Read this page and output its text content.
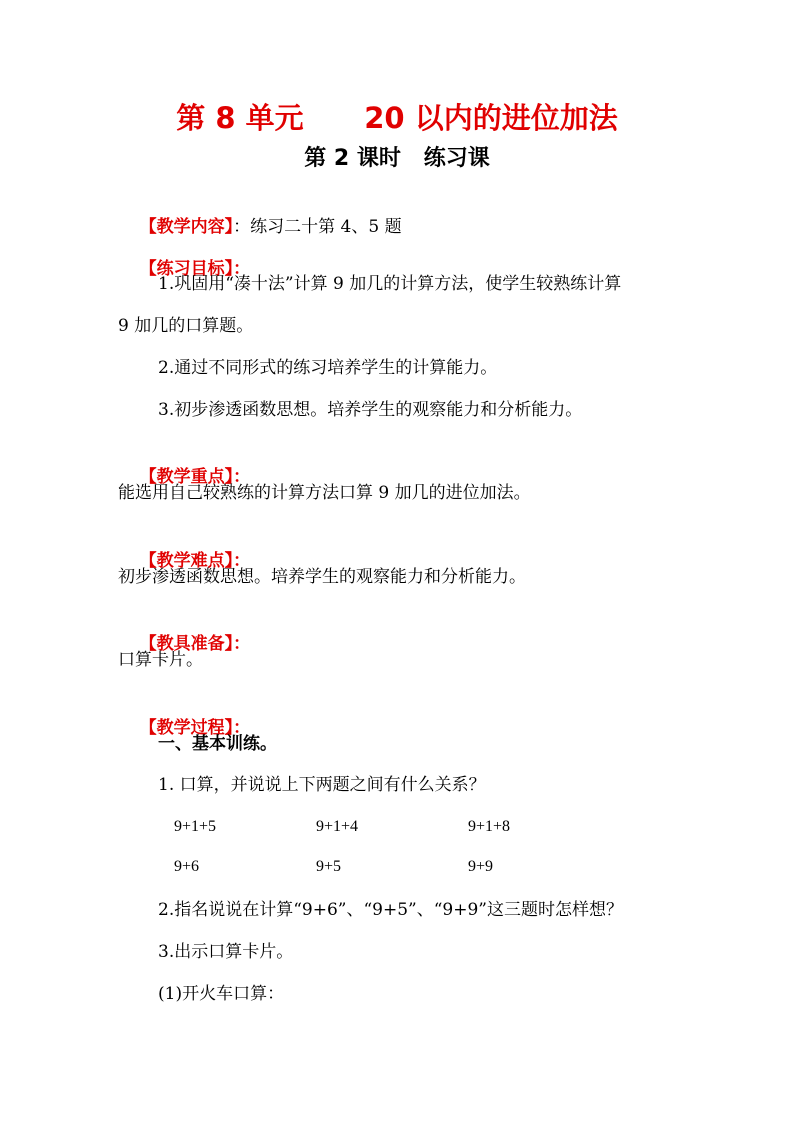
第 8 单元      20 以内的进位加法
第 2 课时   练习课

【教学内容】：练习二十第 4、5 题

【练习目标】：

1.巩固用“凑十法”计算 9 加几的计算方法，使学生较熟练计算
9 加几的口算题。
2.通过不同形式的练习培养学生的计算能力。
3.初步渗透函数思想。培养学生的观察能力和分析能力。

【教学重点】：

能选用自己较熟练的计算方法口算 9 加几的进位加法。

【教学难点】：

初步渗透函数思想。培养学生的观察能力和分析能力。

【教具准备】：

口算卡片。

【教学过程】：

一、基本训练。
1. 口算，并说说上下两题之间有什么关系？
9+1+5	9+1+4	9+1+8
9+6	9+5	9+9
2.指名说说在计算“9+6”、“9+5”、“9+9”这三题时怎样想？
3.出示口算卡片。
(1)开火车口算：
